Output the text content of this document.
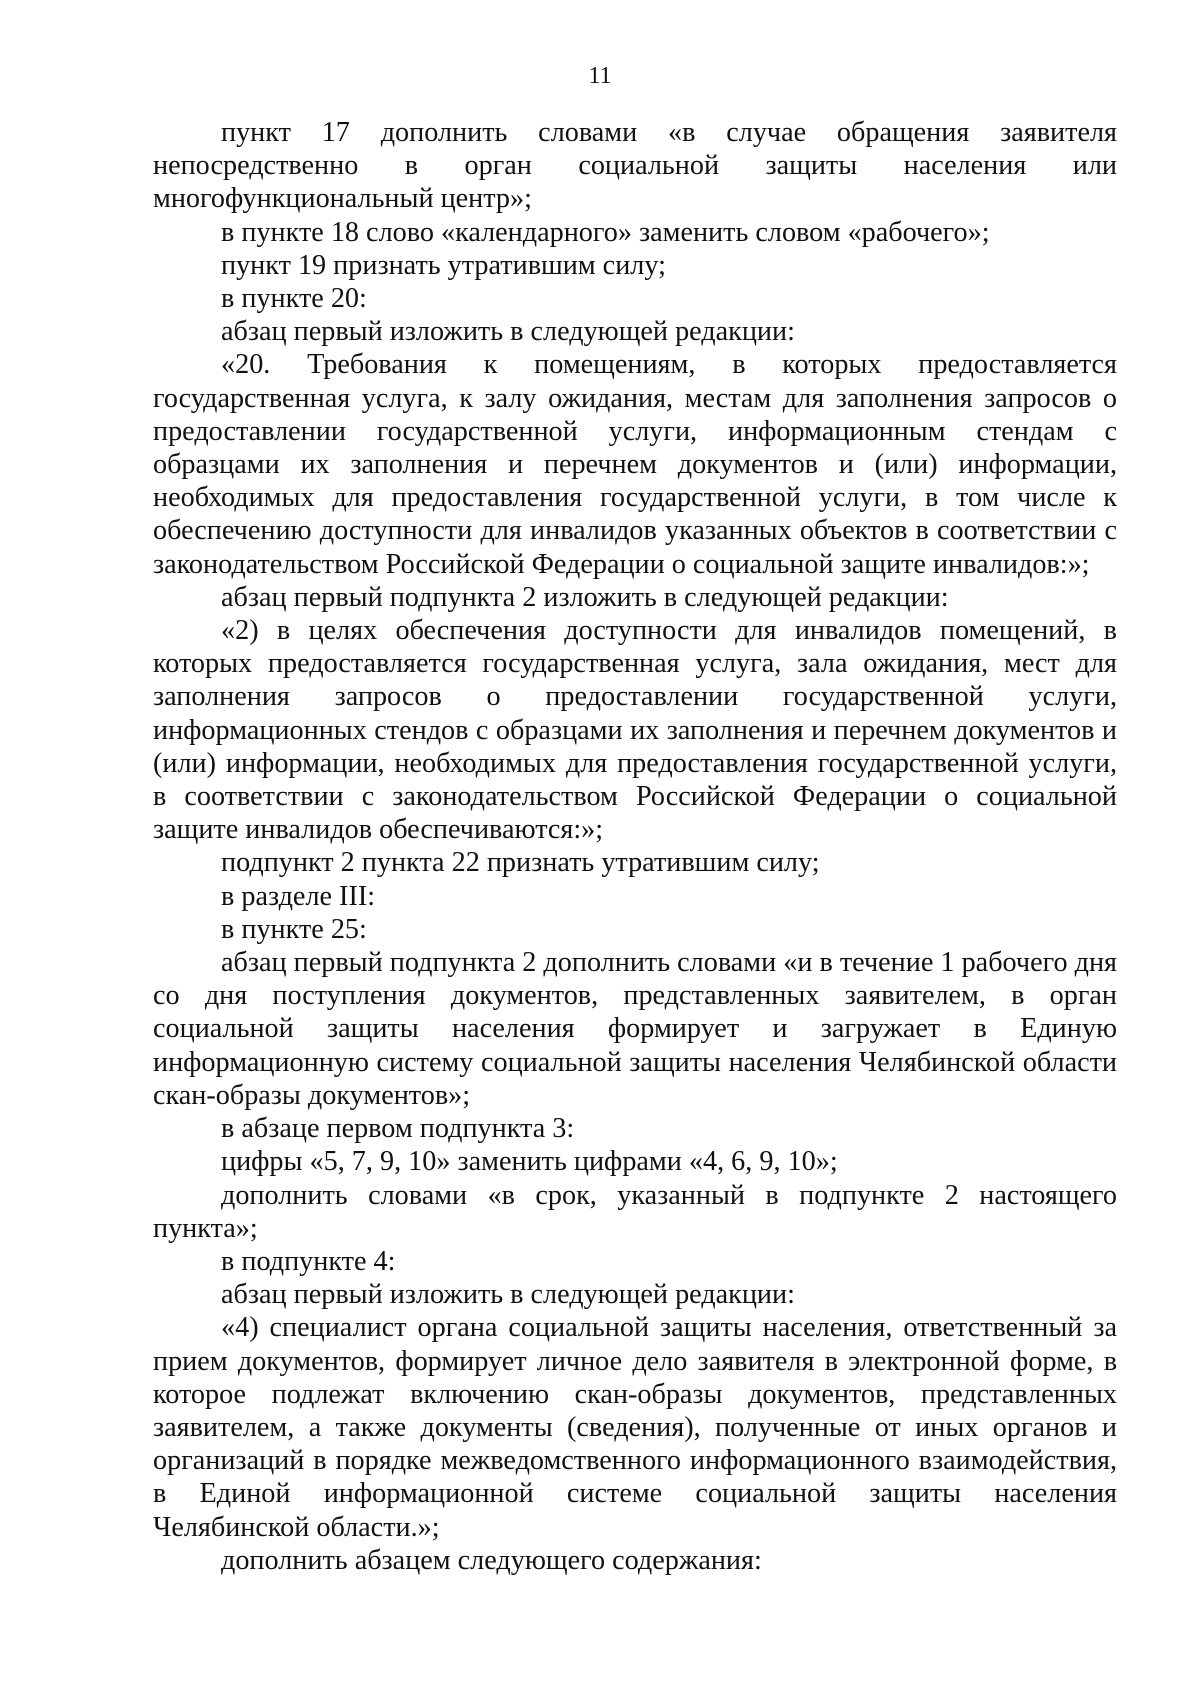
11

пункт 17 дополнить словами «в случае обращения заявителя непосредственно в орган социальной защиты населения или многофункциональный центр»;

в пункте 18 слово «календарного» заменить словом «рабочего»;

пункт 19 признать утратившим силу;

в пункте 20:

абзац первый изложить в следующей редакции:

«20. Требования к помещениям, в которых предоставляется государственная услуга, к залу ожидания, местам для заполнения запросов о предоставлении государственной услуги, информационным стендам с образцами их заполнения и перечнем документов и (или) информации, необходимых для предоставления государственной услуги, в том числе к обеспечению доступности для инвалидов указанных объектов в соответствии с законодательством Российской Федерации о социальной защите инвалидов:»;

абзац первый подпункта 2 изложить в следующей редакции:

«2) в целях обеспечения доступности для инвалидов помещений, в которых предоставляется государственная услуга, зала ожидания, мест для заполнения запросов о предоставлении государственной услуги, информационных стендов с образцами их заполнения и перечнем документов и (или) информации, необходимых для предоставления государственной услуги, в соответствии с законодательством Российской Федерации о социальной защите инвалидов обеспечиваются:»;

подпункт 2 пункта 22 признать утратившим силу;

в разделе III:

в пункте 25:

абзац первый подпункта 2 дополнить словами «и в течение 1 рабочего дня со дня поступления документов, представленных заявителем, в орган социальной защиты населения формирует и загружает в Единую информационную систему социальной защиты населения Челябинской области скан-образы документов»;

в абзаце первом подпункта 3:

цифры «5, 7, 9, 10» заменить цифрами «4, 6, 9, 10»;

дополнить словами «в срок, указанный в подпункте 2 настоящего пункта»;

в подпункте 4:

абзац первый изложить в следующей редакции:

«4) специалист органа социальной защиты населения, ответственный за прием документов, формирует личное дело заявителя в электронной форме, в которое подлежат включению скан-образы документов, представленных заявителем, а также документы (сведения), полученные от иных органов и организаций в порядке межведомственного информационного взаимодействия, в Единой информационной системе социальной защиты населения Челябинской области.»;

дополнить абзацем следующего содержания:
